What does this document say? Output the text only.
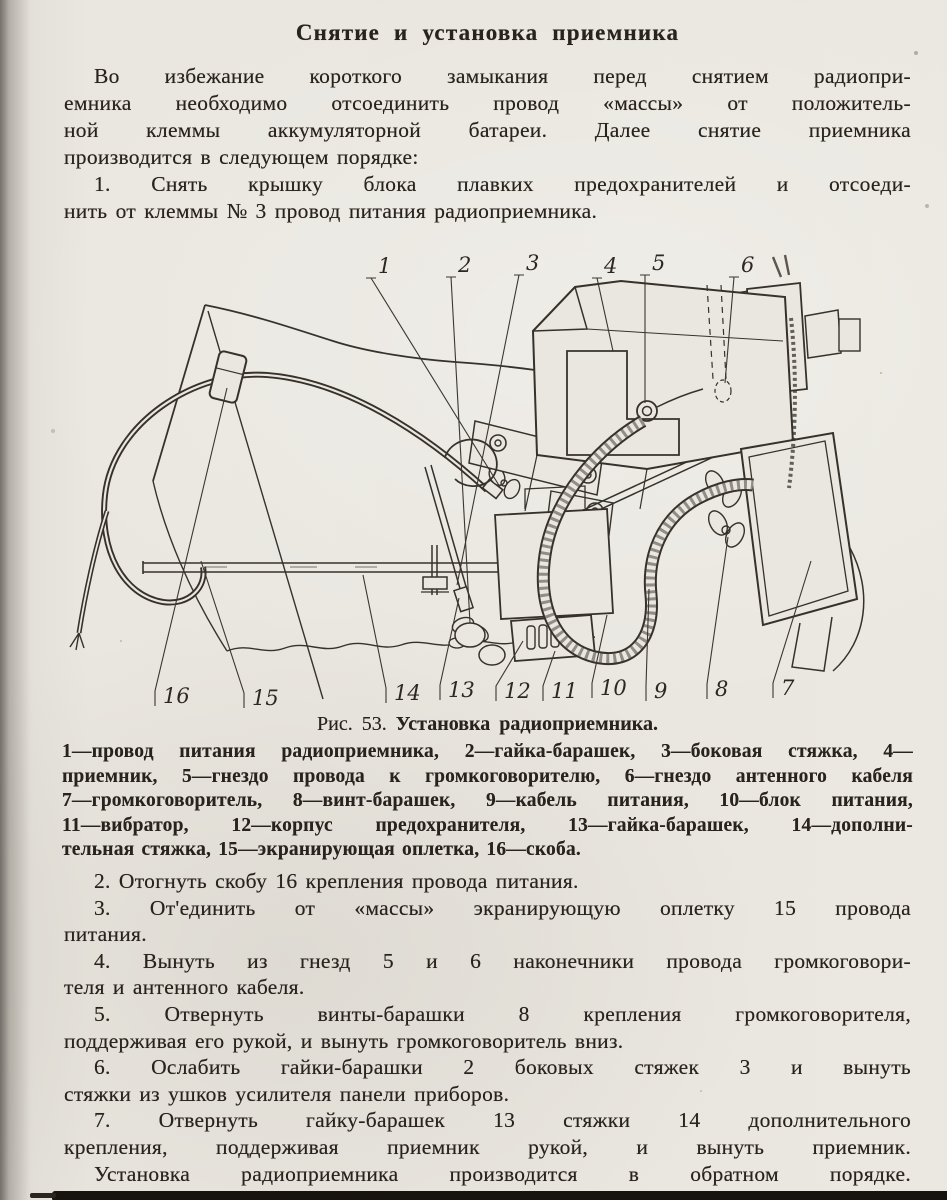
Снятие и установка приемника
Во избежание короткого замыкания перед снятием радиопри-
емника необходимо отсоединить провод «массы» от положитель-
ной клеммы аккумуляторной батареи. Далее снятие приемника
производится в следующем порядке:
1. Снять крышку блока плавких предохранителей и отсоеди-
нить от клеммы № 3 провод питания радиоприемника.
1	2	3	4 5	6
16	15	14 13 12 11 10 9 8	7
Рис. 53. Установка радиоприемника.
1—провод питания радиоприемника, 2—гайка-барашек, 3—боковая стяжка, 4—
приемник, 5—гнездо провода к громкоговорителю, 6—гнездо антенного кабеля
7—громкоговоритель, 8—винт-барашек, 9—кабель питания, 10—блок питания,
11—вибратор, 12—корпус предохранителя, 13—гайка-барашек, 14—дополни-
тельная стяжка, 15—экранирующая оплетка, 16—скоба.
2. Отогнуть скобу 16 крепления провода питания.
3. От'единить от «массы» экранирующую оплетку 15 провода
питания.
4. Вынуть из гнезд 5 и 6 наконечники провода громкоговори-
теля и антенного кабеля.
5. Отвернуть винты-барашки 8 крепления громкоговорителя,
поддерживая его рукой, и вынуть громкоговоритель вниз.
6. Ослабить гайки-барашки 2 боковых стяжек 3 и вынуть
стяжки из ушков усилителя панели приборов.
7. Отвернуть гайку-барашек 13 стяжки 14 дополнительного
крепления, поддерживая приемник рукой, и вынуть приемник.
Установка радиоприемника производится в обратном порядке.
